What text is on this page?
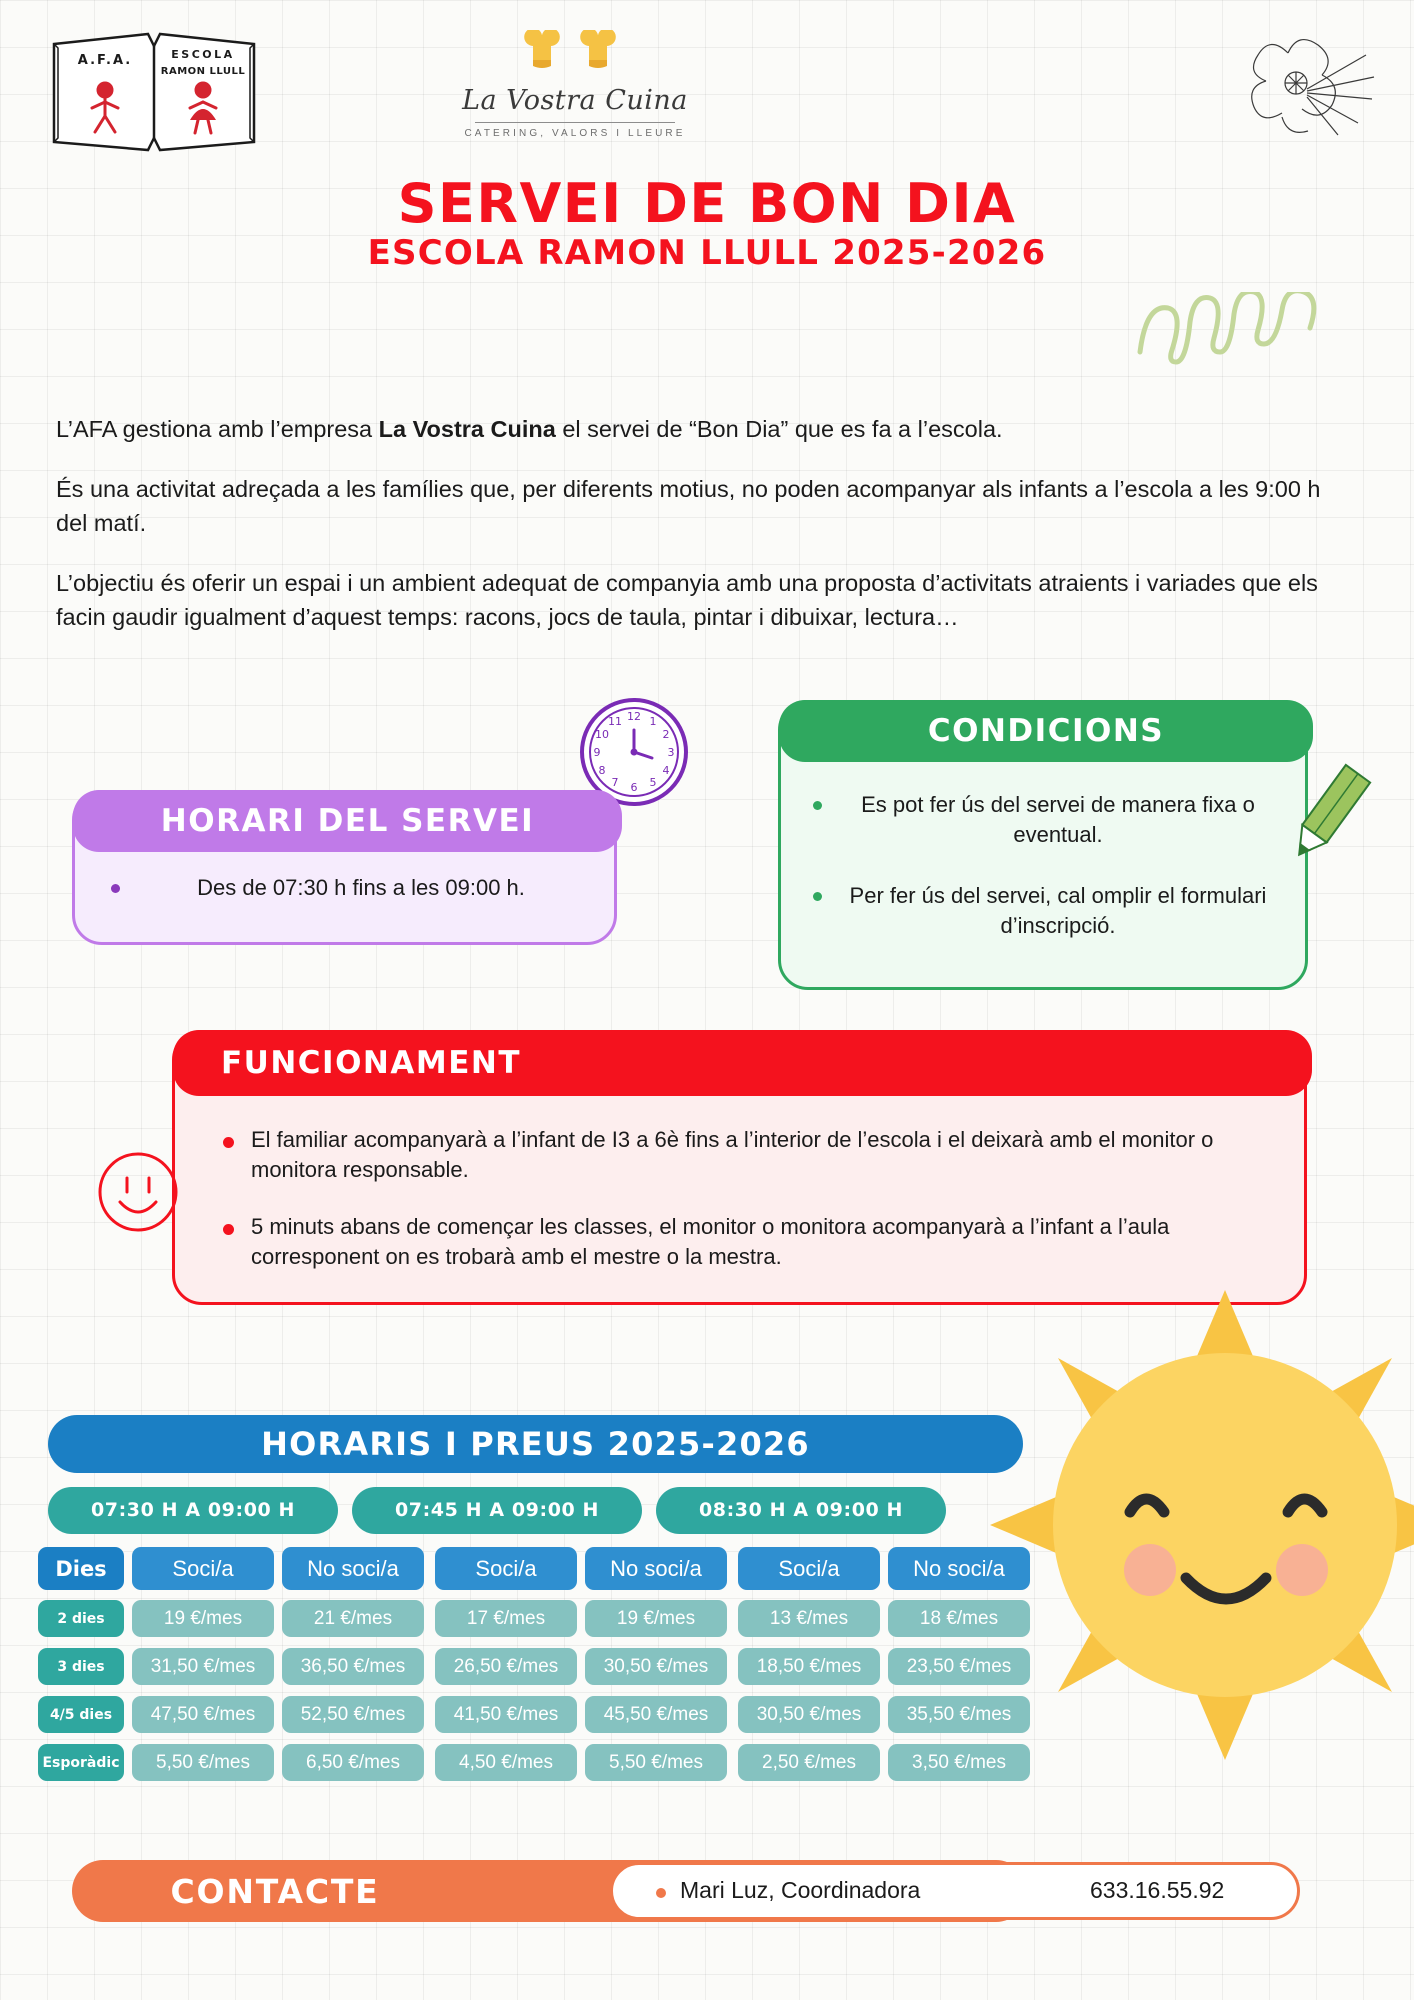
A.F.A.	ESCOLA
RAMON LLULL
La Vostra Cuina
CATERING, VALORS I LLEURE
SERVEI DE BON DIA
ESCOLA RAMON LLULL 2025-2026

L’AFA gestiona amb l’empresa La Vostra Cuina el servei de “Bon Dia” que es fa a l’escola.

És una activitat adreçada a les famílies que, per diferents motius, no poden acompanyar als infants a l’escola a les 9:00 h del matí.

L’objectiu és oferir un espai i un ambient adequat de companyia amb una proposta d’activitats atraients i variades que els facin gaudir igualment d’aquest temps: racons, jocs de taula, pintar i dibuixar, lectura…

12 1
2
3
4
5
6
7
8
9
10
11
HORARI DEL SERVEI
Des de 07:30 h fins a les 09:00 h.
CONDICIONS
Es pot fer ús del servei de manera fixa o eventual.
Per fer ús del servei, cal omplir el formulari d’inscripció.
FUNCIONAMENT
El familiar acompanyarà a l’infant de I3 a 6è fins a l’interior de l’escola i el deixarà amb el monitor o monitora responsable.
5 minuts abans de començar les classes, el monitor o monitora acompanyarà a l’infant a l’aula corresponent on es trobarà amb el mestre o la mestra.
HORARIS I PREUS 2025-2026
07:30 H A 09:00 H	07:45 H A 09:00 H	08:30 H A 09:00 H
Dies	Soci/a	No soci/a	Soci/a	No soci/a	Soci/a	No soci/a
2 dies	19 €/mes	21 €/mes	17 €/mes	19 €/mes	13 €/mes	18 €/mes
3 dies	31,50 €/mes	36,50 €/mes	26,50 €/mes	30,50 €/mes	18,50 €/mes	23,50 €/mes
4/5 dies	47,50 €/mes	52,50 €/mes	41,50 €/mes	45,50 €/mes	30,50 €/mes	35,50 €/mes
Esporàdic	5,50 €/mes	6,50 €/mes	4,50 €/mes	5,50 €/mes	2,50 €/mes	3,50 €/mes
CONTACTE	Mari Luz, Coordinadora	633.16.55.92
